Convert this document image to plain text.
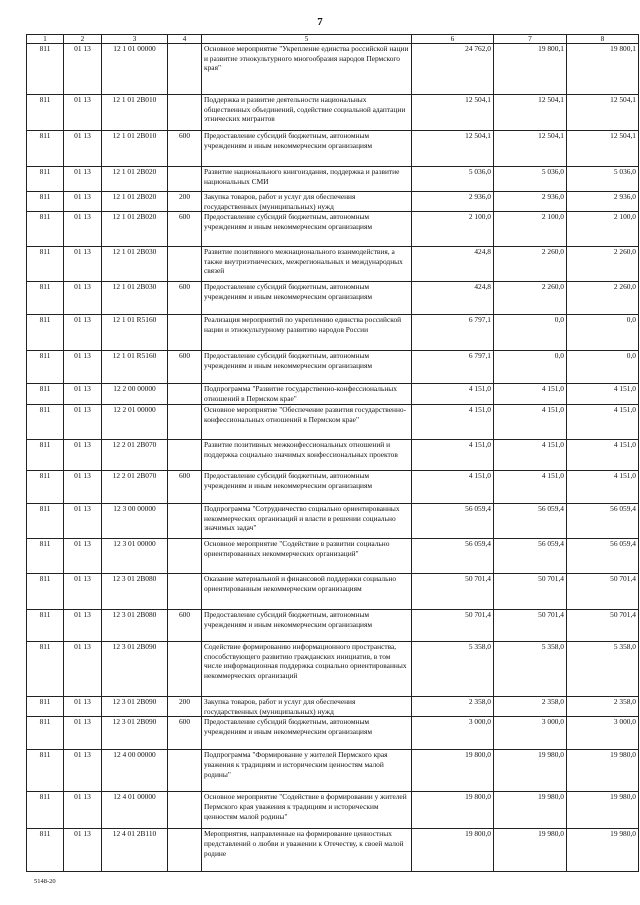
7
1	2	3	4	5	6	7	8
811	01 13	12 1 01 00000		Основное мероприятие "Укрепление единства российской нации и развитие этнокультурного многообразия народов Пермского края"	24 762,0	19 800,1	19 800,1
811	01 13	12 1 01 2В010		Поддержка и развитие деятельности национальных общественных объединений, содействие социальной адаптации этнических мигрантов	12 504,1	12 504,1	12 504,1
811	01 13	12 1 01 2В010	600	Предоставление субсидий бюджетным, автономным учреждениям и иным некоммерческим организациям	12 504,1	12 504,1	12 504,1
811	01 13	12 1 01 2В020		Развитие национального книгоиздания, поддержка и развитие национальных СМИ	5 036,0	5 036,0	5 036,0
811	01 13	12 1 01 2В020	200	Закупка товаров, работ и услуг для обеспечения государственных (муниципальных) нужд	2 936,0	2 936,0	2 936,0
811	01 13	12 1 01 2В020	600	Предоставление субсидий бюджетным, автономным учреждениям и иным некоммерческим организациям	2 100,0	2 100,0	2 100,0
811	01 13	12 1 01 2В030		Развитие позитивного межнационального взаимодействия, а также внутриэтнических, межрегиональных и международных связей	424,8	2 260,0	2 260,0
811	01 13	12 1 01 2В030	600	Предоставление субсидий бюджетным, автономным учреждениям и иным некоммерческим организациям	424,8	2 260,0	2 260,0
811	01 13	12 1 01 R5160		Реализация мероприятий по укреплению единства российской нации и этнокультурному развитию народов России	6 797,1	0,0	0,0
811	01 13	12 1 01 R5160	600	Предоставление субсидий бюджетным, автономным учреждениям и иным некоммерческим организациям	6 797,1	0,0	0,0
811	01 13	12 2 00 00000		Подпрограмма "Развитие государственно-конфессиональных отношений в Пермском крае"	4 151,0	4 151,0	4 151,0
811	01 13	12 2 01 00000		Основное мероприятие "Обеспечение развития государственно-конфессиональных отношений в Пермском крае"	4 151,0	4 151,0	4 151,0
811	01 13	12 2 01 2В070		Развитие позитивных межконфессиональных отношений и поддержка социально значимых конфессиональных проектов	4 151,0	4 151,0	4 151,0
811	01 13	12 2 01 2В070	600	Предоставление субсидий бюджетным, автономным учреждениям и иным некоммерческим организациям	4 151,0	4 151,0	4 151,0
811	01 13	12 3 00 00000		Подпрограмма "Сотрудничество социально ориентированных некоммерческих организаций и власти в решении социально значимых задач"	56 059,4	56 059,4	56 059,4
811	01 13	12 3 01 00000		Основное мероприятие "Содействие в развитии социально ориентированных некоммерческих организаций"	56 059,4	56 059,4	56 059,4
811	01 13	12 3 01 2В080		Оказание материальной и финансовой поддержки социально ориентированным некоммерческим организациям	50 701,4	50 701,4	50 701,4
811	01 13	12 3 01 2В080	600	Предоставление субсидий бюджетным, автономным учреждениям и иным некоммерческим организациям	50 701,4	50 701,4	50 701,4
811	01 13	12 3 01 2В090		Содействие формированию информационного пространства, способствующего развитию гражданских инициатив, в том числе информационная поддержка социально ориентированных некоммерческих организаций	5 358,0	5 358,0	5 358,0
811	01 13	12 3 01 2В090	200	Закупка товаров, работ и услуг для обеспечения государственных (муниципальных) нужд	2 358,0	2 358,0	2 358,0
811	01 13	12 3 01 2В090	600	Предоставление субсидий бюджетным, автономным учреждениям и иным некоммерческим организациям	3 000,0	3 000,0	3 000,0
811	01 13	12 4 00 00000		Подпрограмма "Формирование у жителей Пермского края уважения к традициям и историческим ценностям малой родины"	19 800,0	19 980,0	19 980,0
811	01 13	12 4 01 00000		Основное мероприятие "Содействие в формировании у жителей Пермского края уважения к традициям и историческим ценностям малой родины"	19 800,0	19 980,0	19 980,0
811	01 13	12 4 01 2В110		Мероприятия, направленные на формирование ценностных представлений о любви и уважении к Отечеству, к своей малой родине	19 800,0	19 980,0	19 980,0
5148-20
